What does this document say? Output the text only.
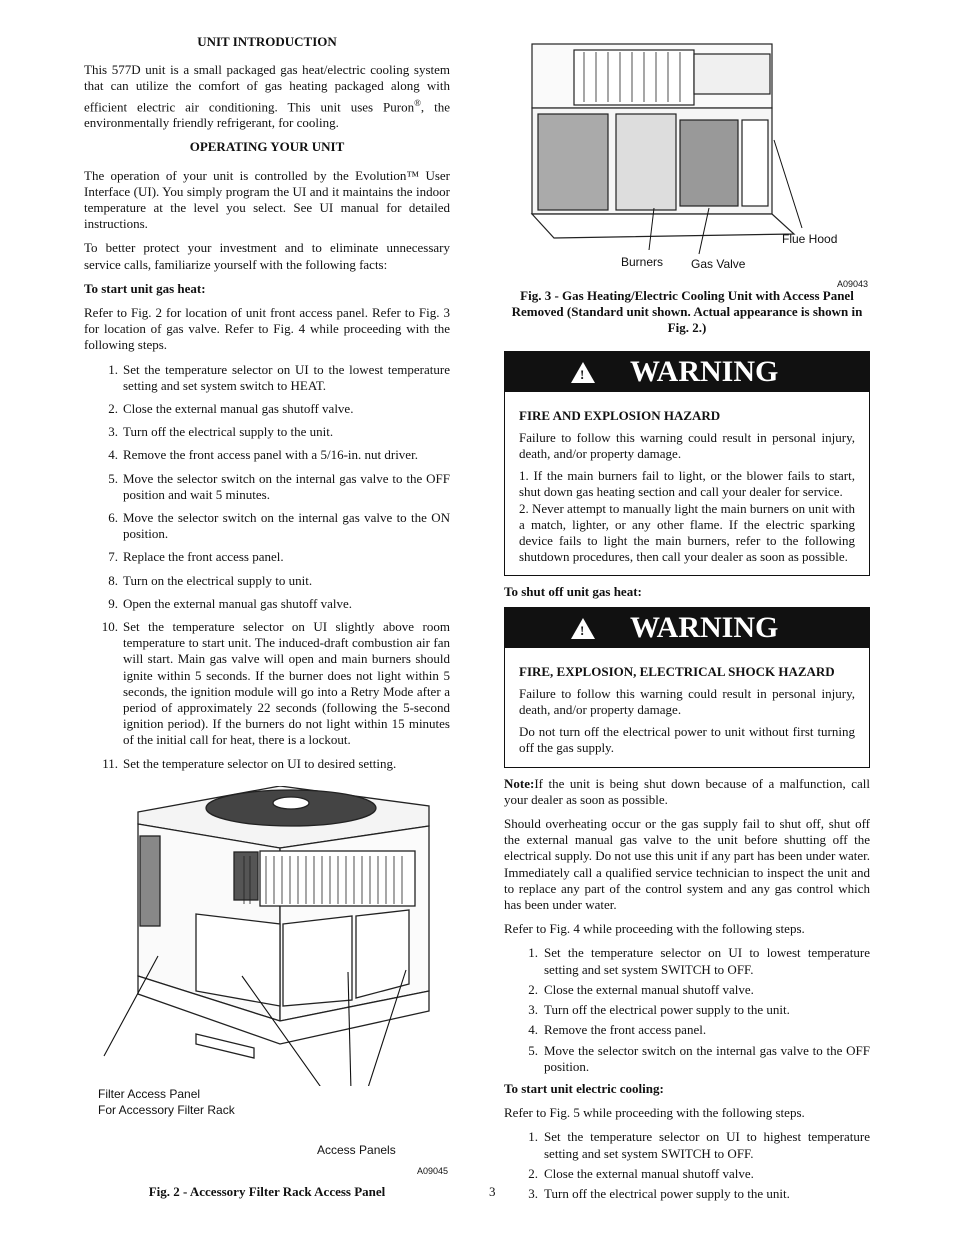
UNIT INTRODUCTION

This 577D unit is a small packaged gas heat/electric cooling system that can utilize the comfort of gas heating packaged along with efficient electric air conditioning. This unit uses Puron®, the environmentally friendly refrigerant, for cooling.

OPERATING YOUR UNIT

The operation of your unit is controlled by the Evolution™ User Interface (UI). You simply program the UI and it maintains the indoor temperature at the level you select. See UI manual for detailed instructions.

To better protect your investment and to eliminate unnecessary service calls, familiarize yourself with the following facts:

To start unit gas heat:

Refer to Fig. 2 for location of unit front access panel. Refer to Fig. 3 for location of gas valve. Refer to Fig. 4 while proceeding with the following steps.

1. Set the temperature selector on UI to the lowest temperature setting and set system switch to HEAT.
2. Close the external manual gas shutoff valve.
3. Turn off the electrical supply to the unit.
4. Remove the front access panel with a 5/16-in. nut driver.
5. Move the selector switch on the internal gas valve to the OFF position and wait 5 minutes.
6. Move the selector switch on the internal gas valve to the ON position.
7. Replace the front access panel.
8. Turn on the electrical supply to unit.
9. Open the external manual gas shutoff valve.
10. Set the temperature selector on UI slightly above room temperature to start unit. The induced-draft combustion air fan will start. Main gas valve will open and main burners should ignite within 5 seconds. If the burner does not light within 5 seconds, the ignition module will go into a Retry Mode after a period of approximately 22 seconds (following the 5-second ignition period). If the burners do not light within 15 minutes of the initial call for heat, there is a lockout.
11. Set the temperature selector on UI to desired setting.
Filter Access Panel
For Accessory Filter Rack
Access Panels
A09045
Fig. 2 - Accessory Filter Rack Access Panel
Flue Hood
Burners Gas Valve
A09043
Fig. 3 - Gas Heating/Electric Cooling Unit with Access Panel Removed (Standard unit shown. Actual appearance is shown in Fig. 2.)
! WARNING

FIRE AND EXPLOSION HAZARD

Failure to follow this warning could result in personal injury, death, and/or property damage.

1. If the main burners fail to light, or the blower fails to start, shut down gas heating section and call your dealer for service.

2. Never attempt to manually light the main burners on unit with a match, lighter, or any other flame. If the electric sparking device fails to light the main burners, refer to the following shutdown procedures, then call your dealer as soon as possible.

To shut off unit gas heat:

! WARNING

FIRE, EXPLOSION, ELECTRICAL SHOCK HAZARD

Failure to follow this warning could result in personal injury, death, and/or property damage.

Do not turn off the electrical power to unit without first turning off the gas supply.

Note:If the unit is being shut down because of a malfunction, call your dealer as soon as possible.

Should overheating occur or the gas supply fail to shut off, shut off the external manual gas valve to the unit before shutting off the electrical supply. Do not use this unit if any part has been under water. Immediately call a qualified service technician to inspect the unit and to replace any part of the control system and any gas control which has been under water.

Refer to Fig. 4 while proceeding with the following steps.

1. Set the temperature selector on UI to lowest temperature setting and set system SWITCH to OFF.
2. Close the external manual shutoff valve.
3. Turn off the electrical power supply to the unit.
4. Remove the front access panel.
5. Move the selector switch on the internal gas valve to the OFF position.

To start unit electric cooling:

Refer to Fig. 5 while proceeding with the following steps.

1. Set the temperature selector on UI to highest temperature setting and set system SWITCH to OFF.
2. Close the external manual shutoff valve.
3. Turn off the electrical power supply to the unit.
3
